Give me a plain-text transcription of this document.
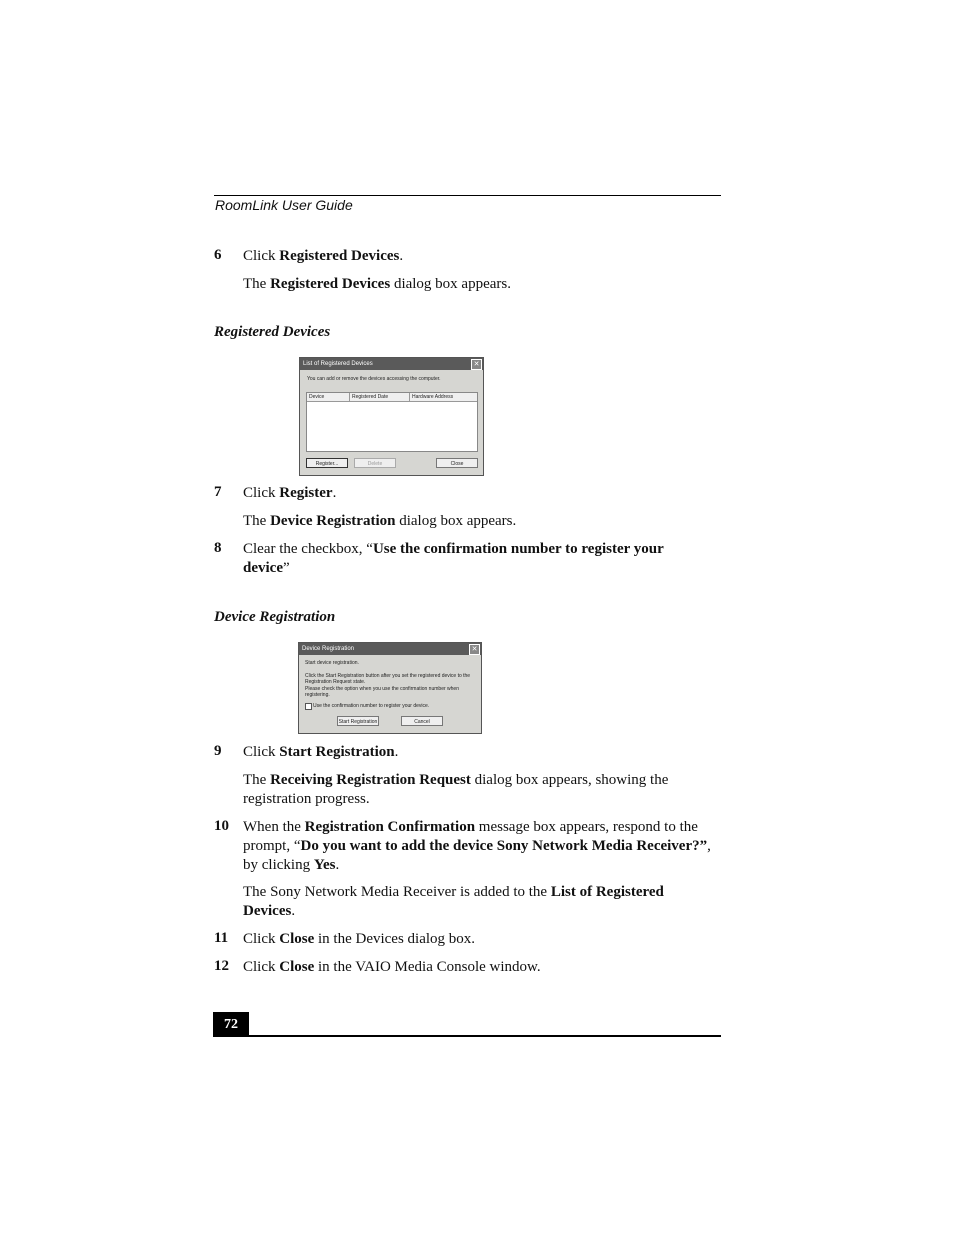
RoomLink User Guide
6 Click Registered Devices.
The Registered Devices dialog box appears.
Registered Devices
List of Registered Devices	✕
You can add or remove the devices accessing the computer.
Device	Registered Date	Hardware Address
Register...	Delete	Close
7 Click Register.
The Device Registration dialog box appears.
8 Clear the checkbox, “Use the confirmation number to register your device”
Device Registration
Device Registration	✕
Start device registration.
Click the Start Registration button after you set the registered device to the Registration Request state.
Please check the option when you use the confirmation number when registering.
Use the confirmation number to register your device.
Start Registration	Cancel
9 Click Start Registration.
The Receiving Registration Request dialog box appears, showing the registration progress.
10 When the Registration Confirmation message box appears, respond to the prompt, “Do you want to add the device Sony Network Media Receiver?”, by clicking Yes.
The Sony Network Media Receiver is added to the List of Registered Devices.
11 Click Close in the Devices dialog box.
12 Click Close in the VAIO Media Console window.
72
